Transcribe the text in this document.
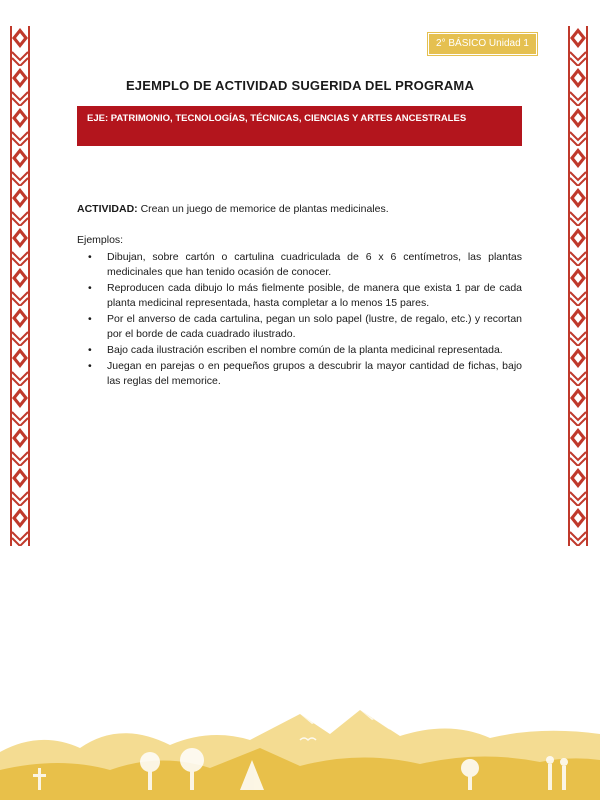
2° BÁSICO Unidad 1
EJEMPLO DE ACTIVIDAD SUGERIDA DEL PROGRAMA
EJE: PATRIMONIO, TECNOLOGÍAS, TÉCNICAS, CIENCIAS Y ARTES ANCESTRALES

ACTIVIDAD: Crean un juego de memorice de plantas medicinales.

Ejemplos:

• Dibujan, sobre cartón o cartulina cuadriculada de 6 x 6 centímetros, las plantas medicinales que han tenido ocasión de conocer.
• Reproducen cada dibujo lo más fielmente posible, de manera que exista 1 par de cada planta medicinal representada, hasta completar a lo menos 15 pares.
• Por el anverso de cada cartulina, pegan un solo papel (lustre, de regalo, etc.) y recortan por el borde de cada cuadrado ilustrado.
• Bajo cada ilustración escriben el nombre común de la planta medicinal representada.
• Juegan en parejas o en pequeños grupos a descubrir la mayor cantidad de fichas, bajo las reglas del memorice.
